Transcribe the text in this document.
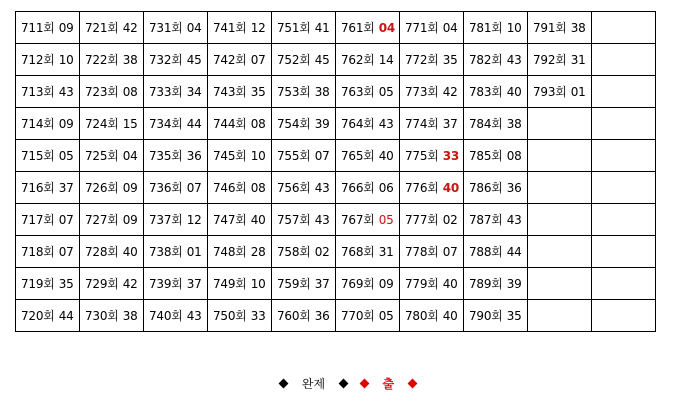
711회 09	721회 42	731회 04	741회 12	751회 41	761회 04	771회 04	781회 10	791회 38	
712회 10	722회 38	732회 45	742회 07	752회 45	762회 14	772회 35	782회 43	792회 31	
713회 43	723회 08	733회 34	743회 35	753회 38	763회 05	773회 42	783회 40	793회 01	
714회 09	724회 15	734회 44	744회 08	754회 39	764회 43	774회 37	784회 38		
715회 05	725회 04	735회 36	745회 10	755회 07	765회 40	775회 33	785회 08		
716회 37	726회 09	736회 07	746회 08	756회 43	766회 06	776회 40	786회 36		
717회 07	727회 09	737회 12	747회 40	757회 43	767회 05	777회 02	787회 43		
718회 07	728회 40	738회 01	748회 28	758회 02	768회 31	778회 07	788회 44		
719회 35	729회 42	739회 37	749회 10	759회 37	769회 09	779회 40	789회 39		
720회 44	730회 38	740회 43	750회 33	760회 36	770회 05	780회 40	790회 35		
완제	출
